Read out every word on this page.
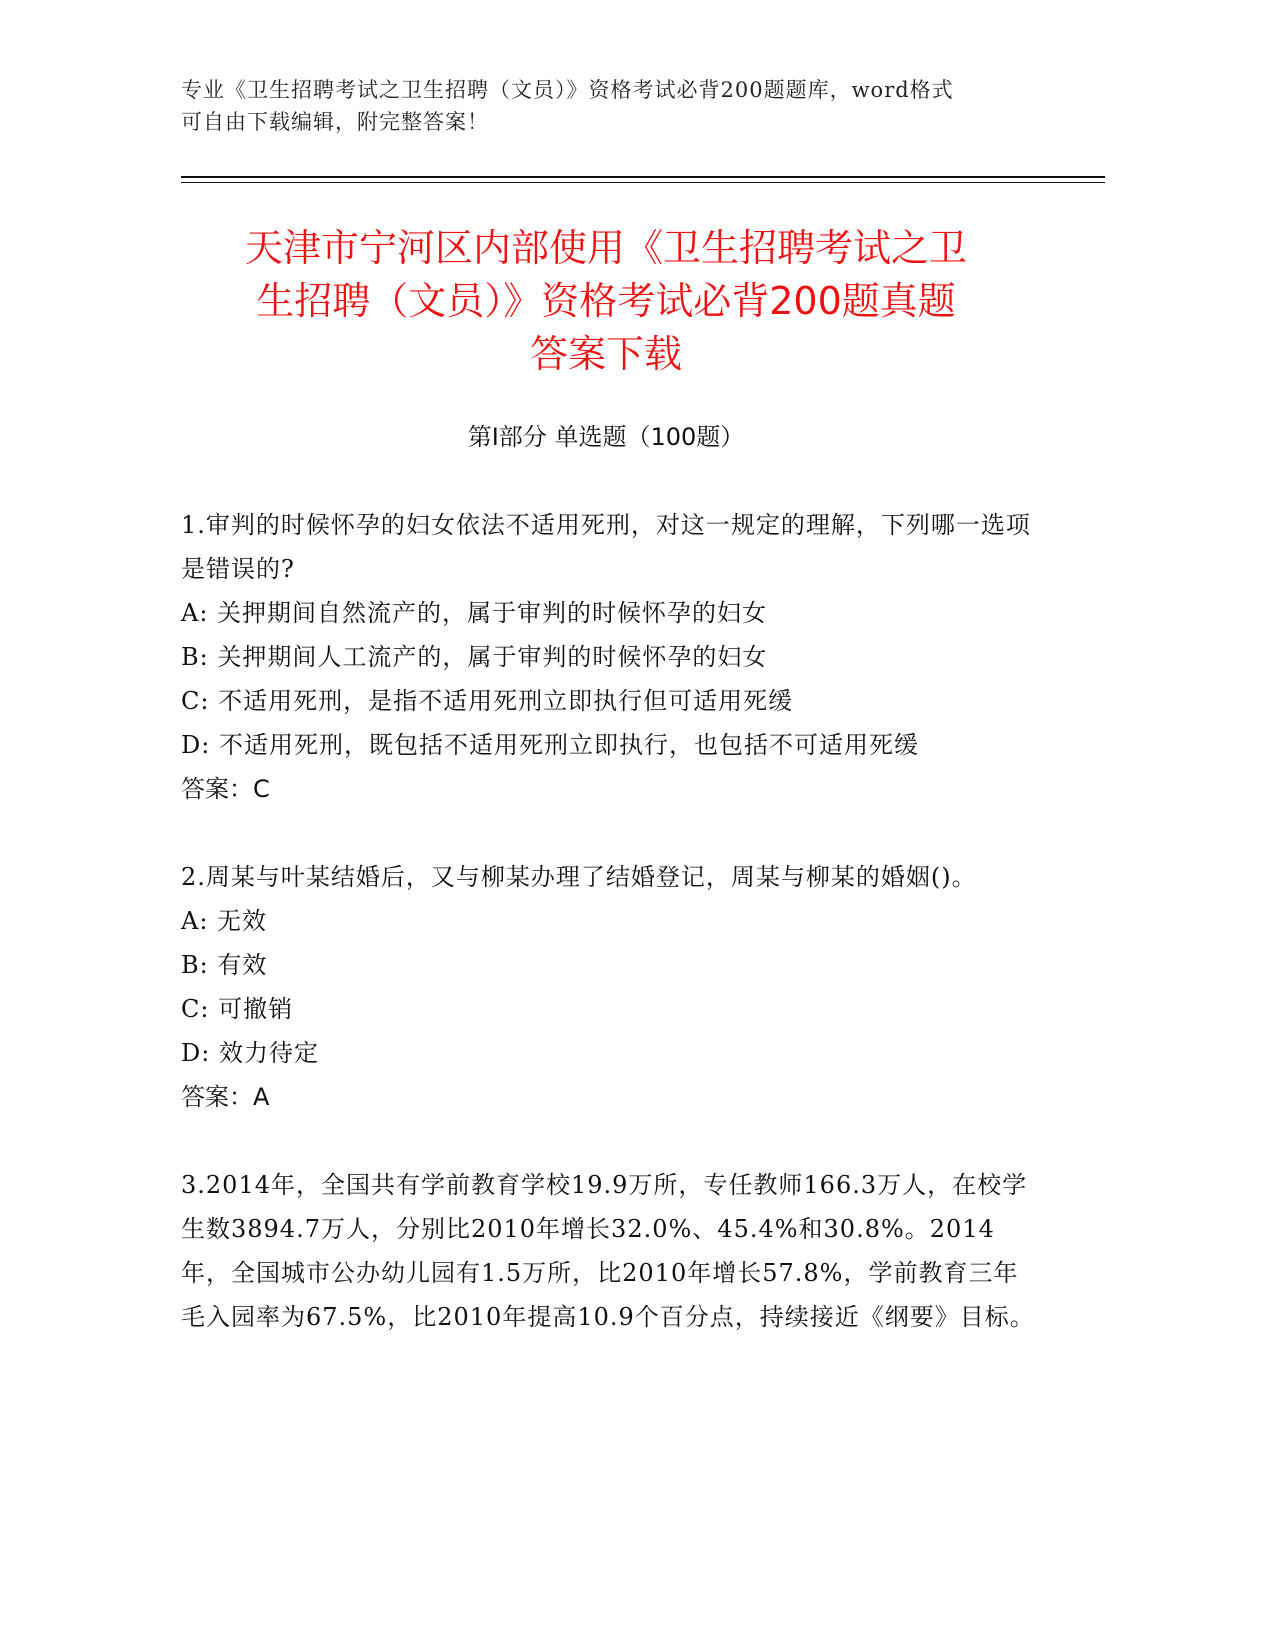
专业《卫生招聘考试之卫生招聘（文员）》资格考试必背200题题库，word格式
可自由下载编辑，附完整答案！
天津市宁河区内部使用《卫生招聘考试之卫
生招聘（文员）》资格考试必背200题真题
答案下载
第Ⅰ部分 单选题（100题）
1.审判的时候怀孕的妇女依法不适用死刑，对这一规定的理解，下列哪一选项是错误的?
A: 关押期间自然流产的，属于审判的时候怀孕的妇女
B: 关押期间人工流产的，属于审判的时候怀孕的妇女
C: 不适用死刑，是指不适用死刑立即执行但可适用死缓
D: 不适用死刑，既包括不适用死刑立即执行，也包括不可适用死缓
答案：C
2.周某与叶某结婚后，又与柳某办理了结婚登记，周某与柳某的婚姻()。
A: 无效
B: 有效
C: 可撤销
D: 效力待定
答案：A
3.2014年，全国共有学前教育学校19.9万所，专任教师166.3万人，在校学生数3894.7万人，分别比2010年增长32.0%、45.4%和30.8%。2014年，全国城市公办幼儿园有1.5万所，比2010年增长57.8%，学前教育三年毛入园率为67.5%，比2010年提高10.9个百分点，持续接近《纲要》目标。
